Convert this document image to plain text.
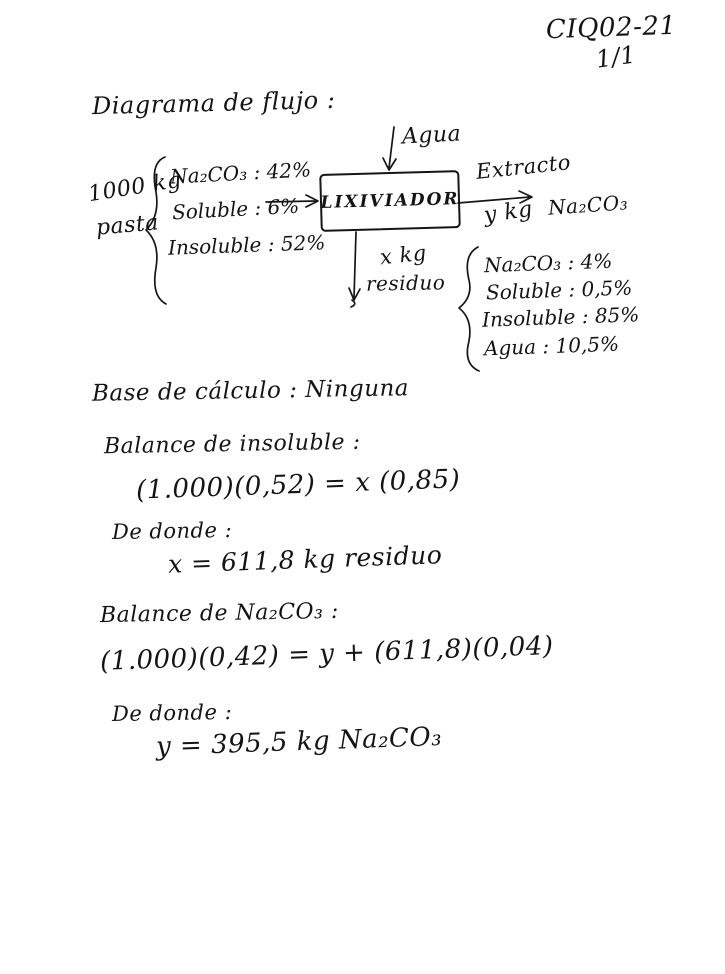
CIQ02-21
1/1
Diagrama de flujo :
1000 kg
pasta
Na₂CO₃ : 42%
Soluble : 6%
Insoluble : 52%
LIXIVIADOR
Agua
Extracto
y kg Na₂CO₃
x kg
residuo
Na₂CO₃ : 4%
Soluble : 0,5%
Insoluble : 85%
Agua : 10,5%
Base de cálculo : Ninguna
Balance de insoluble :
(1.000)(0,52) = x (0,85)
De donde :
x = 611,8 kg residuo
Balance de Na₂CO₃ :
(1.000)(0,42) = y + (611,8)(0,04)
De donde :
y = 395,5 kg Na₂CO₃
